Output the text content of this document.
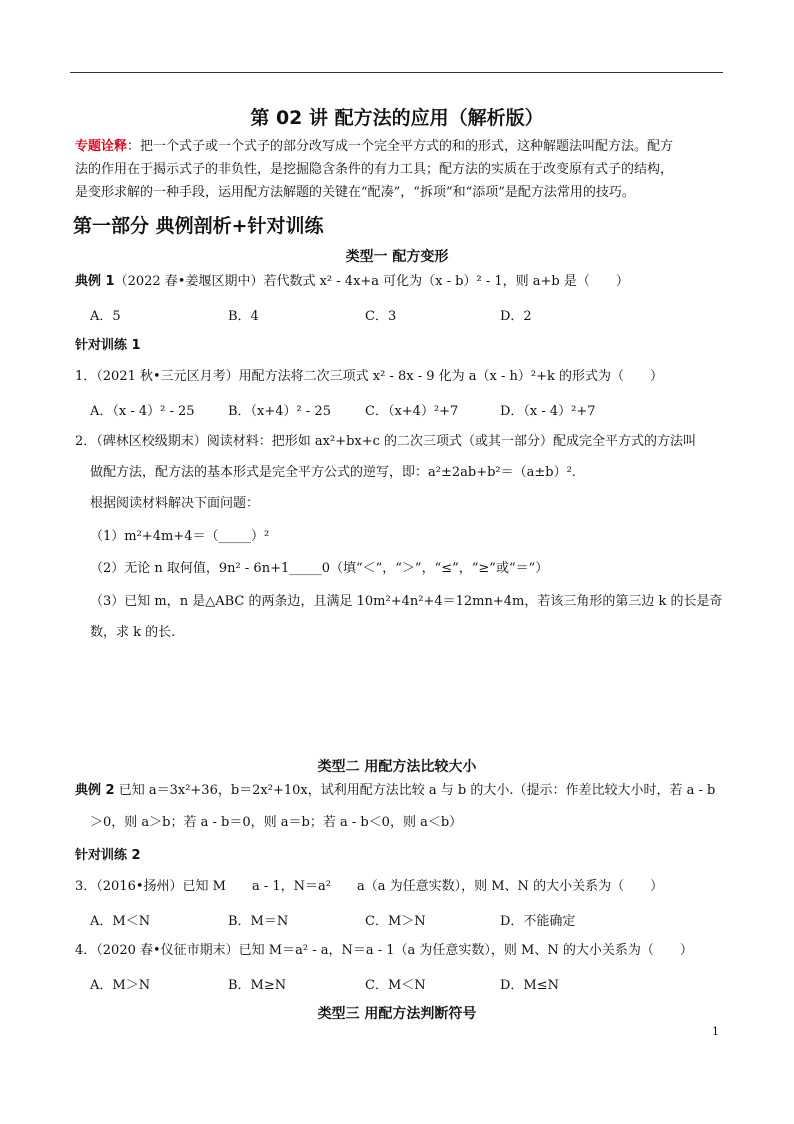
第 02 讲 配方法的应用（解析版）
专题诠释：把一个式子或一个式子的部分改写成一个完全平方式的和的形式，这种解题法叫配方法。配方
法的作用在于揭示式子的非负性，是挖掘隐含条件的有力工具；配方法的实质在于改变原有式子的结构，
是变形求解的一种手段，运用配方法解题的关键在“配凑”，“拆项”和“添项”是配方法常用的技巧。
第一部分 典例剖析+针对训练
类型一 配方变形
典例 1（2022 春•姜堰区期中）若代数式 x² - 4x+a 可化为（x - b）² - 1，则 a+b 是（　　）
A．5	B．4	C．3	D．2
针对训练 1
1．（2021 秋•三元区月考）用配方法将二次三项式 x² - 8x - 9 化为 a（x - h）²+k 的形式为（　　）
A．（x - 4）² - 25	B．（x+4）² - 25	C．（x+4）²+7	D．（x - 4）²+7
2．（碑林区校级期末）阅读材料：把形如 ax²+bx+c 的二次三项式（或其一部分）配成完全平方式的方法叫
做配方法，配方法的基本形式是完全平方公式的逆写，即：a²±2ab+b²＝（a±b）².
根据阅读材料解决下面问题：
（1）m²+4m+4＝（_____）²
（2）无论 n 取何值，9n² - 6n+1_____0（填“＜”，“＞”，“≤”，“≥”或“＝”）
（3）已知 m，n 是△ABC 的两条边，且满足 10m²+4n²+4＝12mn+4m，若该三角形的第三边 k 的长是奇
数，求 k 的长.
类型二 用配方法比较大小
典例 2 已知 a＝3x²+36，b＝2x²+10x，试利用配方法比较 a 与 b 的大小.（提示：作差比较大小时，若 a - b
＞0，则 a＞b；若 a - b＝0，则 a＝b；若 a - b＜0，则 a＜b）
针对训练 2
3．（2016•扬州）已知 M　　a - 1，N＝a²　　a（a 为任意实数），则 M、N 的大小关系为（　　）
A．M＜N	B．M＝N	C．M＞N	D．不能确定
4．（2020 春•仪征市期末）已知 M＝a² - a，N＝a - 1（a 为任意实数），则 M、N 的大小关系为（　　）
A．M＞N	B．M≥N	C．M＜N	D．M≤N
类型三 用配方法判断符号
1
